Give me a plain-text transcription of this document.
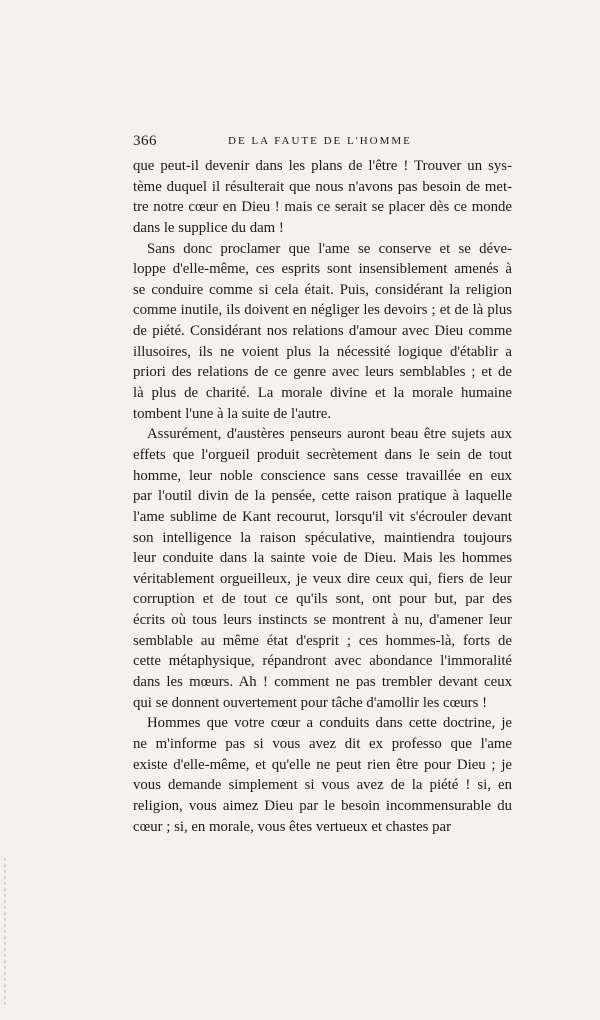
366	DE LA FAUTE DE L'HOMME
que peut-il devenir dans les plans de l'être ! Trouver un sys-
tème duquel il résulterait que nous n'avons pas besoin de met-
tre notre cœur en Dieu ! mais ce serait se placer dès ce monde
dans le supplice du dam !
Sans donc proclamer que l'ame se conserve et se déve-
loppe d'elle-même, ces esprits sont insensiblement amenés à
se conduire comme si cela était. Puis, considérant la religion
comme inutile, ils doivent en négliger les devoirs ; et de là plus
de piété. Considérant nos relations d'amour avec Dieu comme
illusoires, ils ne voient plus la nécessité logique d'établir a
priori des relations de ce genre avec leurs semblables ; et de
là plus de charité. La morale divine et la morale humaine
tombent l'une à la suite de l'autre.
Assurément, d'austères penseurs auront beau être sujets aux
effets que l'orgueil produit secrètement dans le sein de tout
homme, leur noble conscience sans cesse travaillée en eux
par l'outil divin de la pensée, cette raison pratique à laquelle
l'ame sublime de Kant recourut, lorsqu'il vit s'écrouler devant
son intelligence la raison spéculative, maintiendra toujours
leur conduite dans la sainte voie de Dieu. Mais les hommes
véritablement orgueilleux, je veux dire ceux qui, fiers de leur
corruption et de tout ce qu'ils sont, ont pour but, par des
écrits où tous leurs instincts se montrent à nu, d'amener leur
semblable au même état d'esprit ; ces hommes-là, forts de
cette métaphysique, répandront avec abondance l'immoralité
dans les mœurs. Ah ! comment ne pas trembler devant ceux
qui se donnent ouvertement pour tâche d'amollir les cœurs !
Hommes que votre cœur a conduits dans cette doctrine, je
ne m'informe pas si vous avez dit ex professo que l'ame
existe d'elle-même, et qu'elle ne peut rien être pour Dieu ; je
vous demande simplement si vous avez de la piété ! si, en
religion, vous aimez Dieu par le besoin incommensurable du
cœur ; si, en morale, vous êtes vertueux et chastes par
